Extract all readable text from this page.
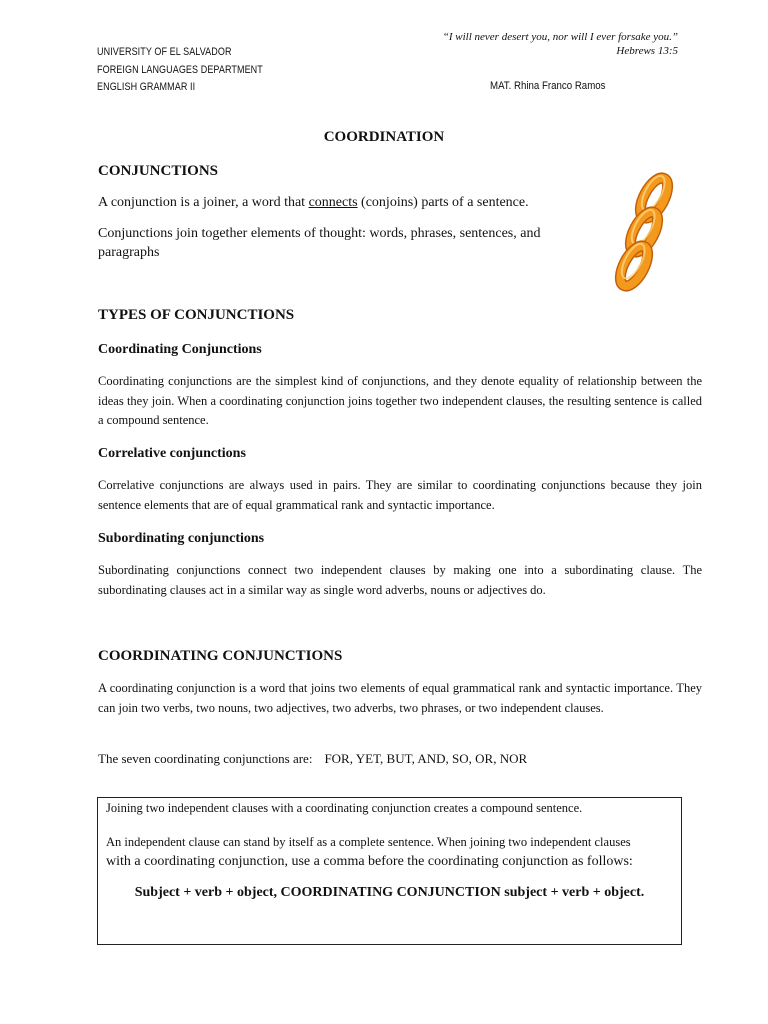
UNIVERSITY OF EL SALVADOR
FOREIGN LANGUAGES DEPARTMENT
ENGLISH GRAMMAR II
“I will never desert you, nor will I ever forsake you.”
Hebrews 13:5
MAT. Rhina Franco Ramos
COORDINATION
CONJUNCTIONS
A conjunction is a joiner, a word that connects (conjoins) parts of a sentence.
Conjunctions join together elements of thought: words, phrases, sentences, and
paragraphs
TYPES OF CONJUNCTIONS
Coordinating Conjunctions
Coordinating conjunctions are the simplest kind of conjunctions, and they denote equality of relationship between the ideas they join. When a coordinating conjunction joins together two independent clauses, the resulting sentence is called a compound sentence.
Correlative conjunctions
Correlative conjunctions are always used in pairs. They are similar to coordinating conjunctions because they join sentence elements that are of equal grammatical rank and syntactic importance.
Subordinating conjunctions
Subordinating conjunctions connect two independent clauses by making one into a subordinating clause. The subordinating clauses act in a similar way as single word adverbs, nouns or adjectives do.
COORDINATING CONJUNCTIONS
A coordinating conjunction is a word that joins two elements of equal grammatical rank and syntactic importance. They can join two verbs, two nouns, two adjectives, two adverbs, two phrases, or two independent clauses.
The seven coordinating conjunctions are: FOR, YET, BUT, AND, SO, OR, NOR
Joining two independent clauses with a coordinating conjunction creates a compound sentence.
An independent clause can stand by itself as a complete sentence. When joining two independent clauses
with a coordinating conjunction, use a comma before the coordinating conjunction as follows:
Subject + verb + object, COORDINATING CONJUNCTION subject + verb + object.
